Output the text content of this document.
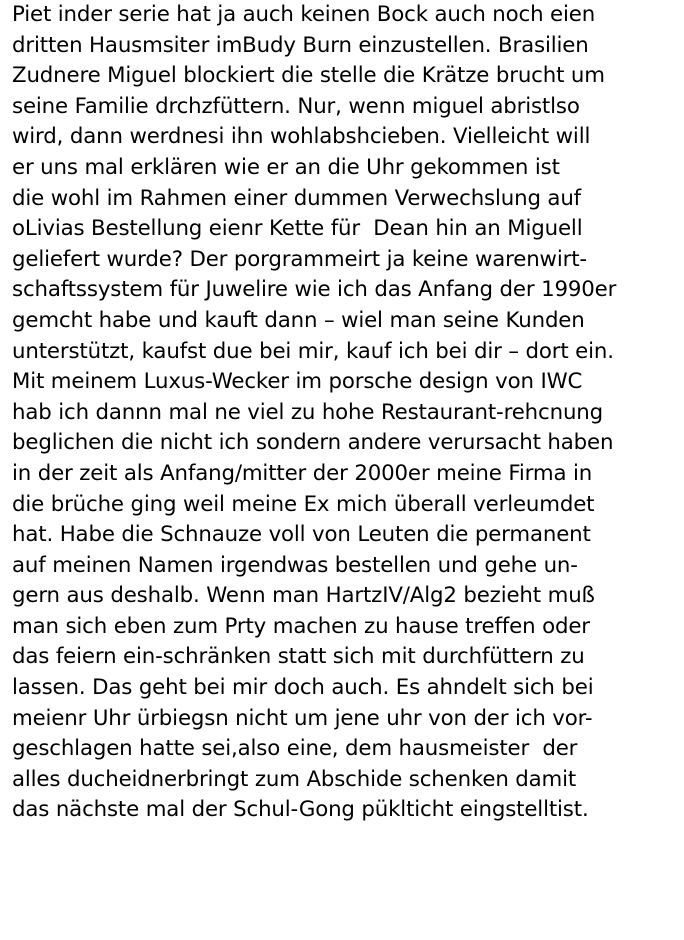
Piet inder serie hat ja auch keinen Bock auch noch eien
dritten Hausmsiter imBudy Burn einzustellen. Brasilien
Zudnere Miguel blockiert die stelle die Krätze brucht um
seine Familie drchzfüttern. Nur, wenn miguel abristlso
wird, dann werdnesi ihn wohlabshcieben. Vielleicht will
er uns mal erklären wie er an die Uhr gekommen ist
die wohl im Rahmen einer dummen Verwechslung auf
oLivias Bestellung eienr Kette für  Dean hin an Miguell
geliefert wurde? Der porgrammeirt ja keine warenwirt-
schaftssystem für Juwelire wie ich das Anfang der 1990er
gemcht habe und kauft dann – wiel man seine Kunden
unterstützt, kaufst due bei mir, kauf ich bei dir – dort ein.
Mit meinem Luxus-Wecker im porsche design von IWC
hab ich dannn mal ne viel zu hohe Restaurant-rehcnung
beglichen die nicht ich sondern andere verursacht haben
in der zeit als Anfang/mitter der 2000er meine Firma in
die brüche ging weil meine Ex mich überall verleumdet
hat. Habe die Schnauze voll von Leuten die permanent
auf meinen Namen irgendwas bestellen und gehe un-
gern aus deshalb. Wenn man HartzIV/Alg2 bezieht muß
man sich eben zum Prty machen zu hause treffen oder
das feiern ein-schränken statt sich mit durchfüttern zu
lassen. Das geht bei mir doch auch. Es ahndelt sich bei
meienr Uhr ürbiegsn nicht um jene uhr von der ich vor-
geschlagen hatte sei,also eine, dem hausmeister  der
alles ducheidnerbringt zum Abschide schenken damit
das nächste mal der Schul-Gong püklticht eingstelltist.
